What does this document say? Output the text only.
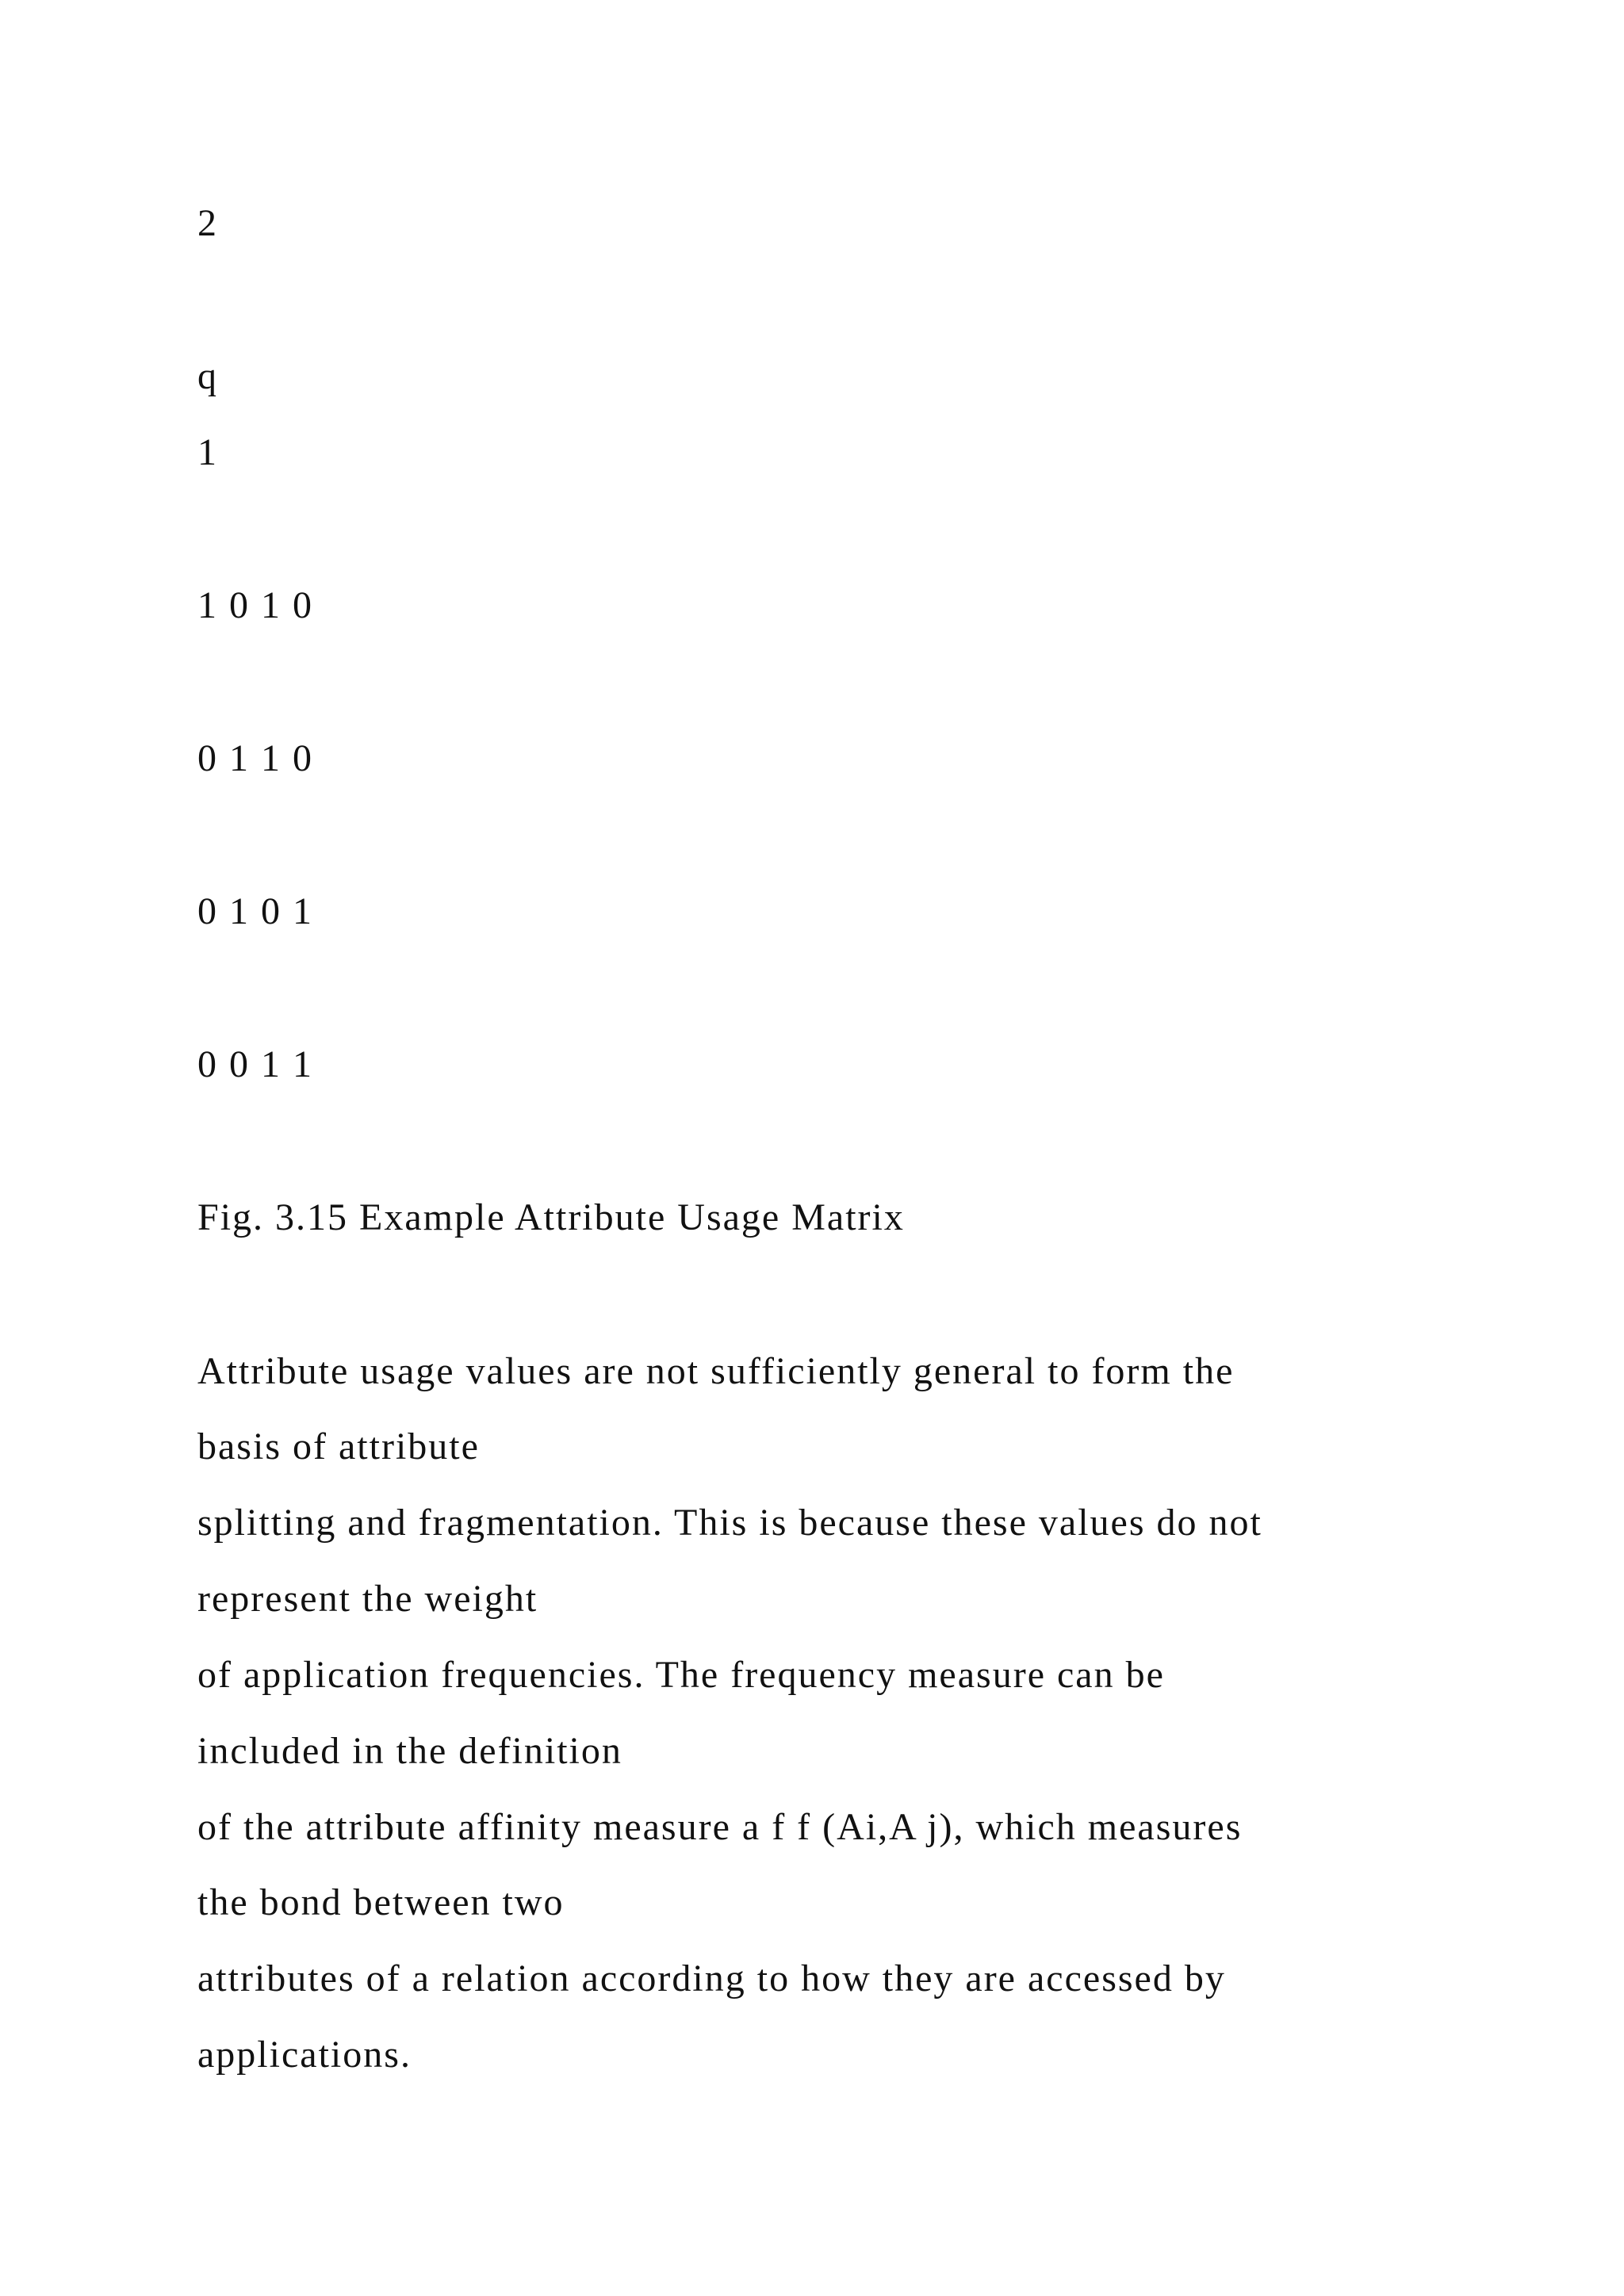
2

q

1

1 0 1 0

0 1 1 0

0 1 0 1

0 0 1 1

Fig. 3.15 Example Attribute Usage Matrix

Attribute usage values are not sufficiently general to form the

basis of attribute

splitting and fragmentation. This is because these values do not

represent the weight

of application frequencies. The frequency measure can be

included in the definition

of the attribute affinity measure a f f (Ai,A j), which measures

the bond between two

attributes of a relation according to how they are accessed by

applications.
